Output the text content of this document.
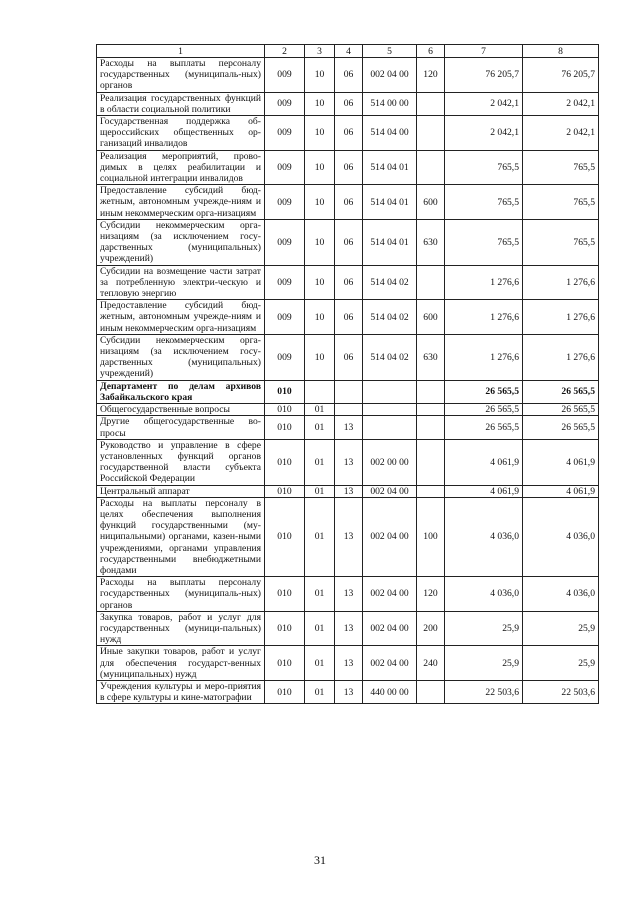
1	2	3	4	5	6	7	8
Расходы на выплаты персоналу государственных (муниципаль-ных) органов	009	10	06	002 04 00	120	76 205,7	76 205,7
Реализация государственных функций в области социальной политики	009	10	06	514 00 00		2 042,1	2 042,1
Государственная поддержка об-щероссийских общественных ор-ганизаций инвалидов	009	10	06	514 04 00		2 042,1	2 042,1
Реализация мероприятий, прово-димых в целях реабилитации и социальной интеграции инвалидов	009	10	06	514 04 01		765,5	765,5
Предоставление субсидий бюд-жетным, автономным учрежде-ниям и иным некоммерческим орга-низациям	009	10	06	514 04 01	600	765,5	765,5
Субсидии некоммерческим орга-низациям (за исключением госу-дарственных (муниципальных) учреждений)	009	10	06	514 04 01	630	765,5	765,5
Субсидии на возмещение части затрат за потребленную электри-ческую и тепловую энергию	009	10	06	514 04 02		1 276,6	1 276,6
Предоставление субсидий бюд-жетным, автономным учрежде-ниям и иным некоммерческим орга-низациям	009	10	06	514 04 02	600	1 276,6	1 276,6
Субсидии некоммерческим орга-низациям (за исключением госу-дарственных (муниципальных) учреждений)	009	10	06	514 04 02	630	1 276,6	1 276,6
Департамент по делам архивов Забайкальского края	010					26 565,5	26 565,5
Общегосударственные вопросы	010	01				26 565,5	26 565,5
Другие общегосударственные во-просы	010	01	13			26 565,5	26 565,5
Руководство и управление в сфере установленных функций органов государственной власти субъекта Российской Федерации	010	01	13	002 00 00		4 061,9	4 061,9
Центральный аппарат	010	01	13	002 04 00		4 061,9	4 061,9
Расходы на выплаты персоналу в целях обеспечения выполнения функций государственными (му-ниципальными) органами, казен-ными учреждениями, органами управления государственными внебюджетными фондами	010	01	13	002 04 00	100	4 036,0	4 036,0
Расходы на выплаты персоналу государственных (муниципаль-ных) органов	010	01	13	002 04 00	120	4 036,0	4 036,0
Закупка товаров, работ и услуг для государственных (муници-пальных) нужд	010	01	13	002 04 00	200	25,9	25,9
Иные закупки товаров, работ и услуг для обеспечения государст-венных (муниципальных) нужд	010	01	13	002 04 00	240	25,9	25,9
Учреждения культуры и меро-приятия в сфере культуры и кине-матографии	010	01	13	440 00 00		22 503,6	22 503,6
31
